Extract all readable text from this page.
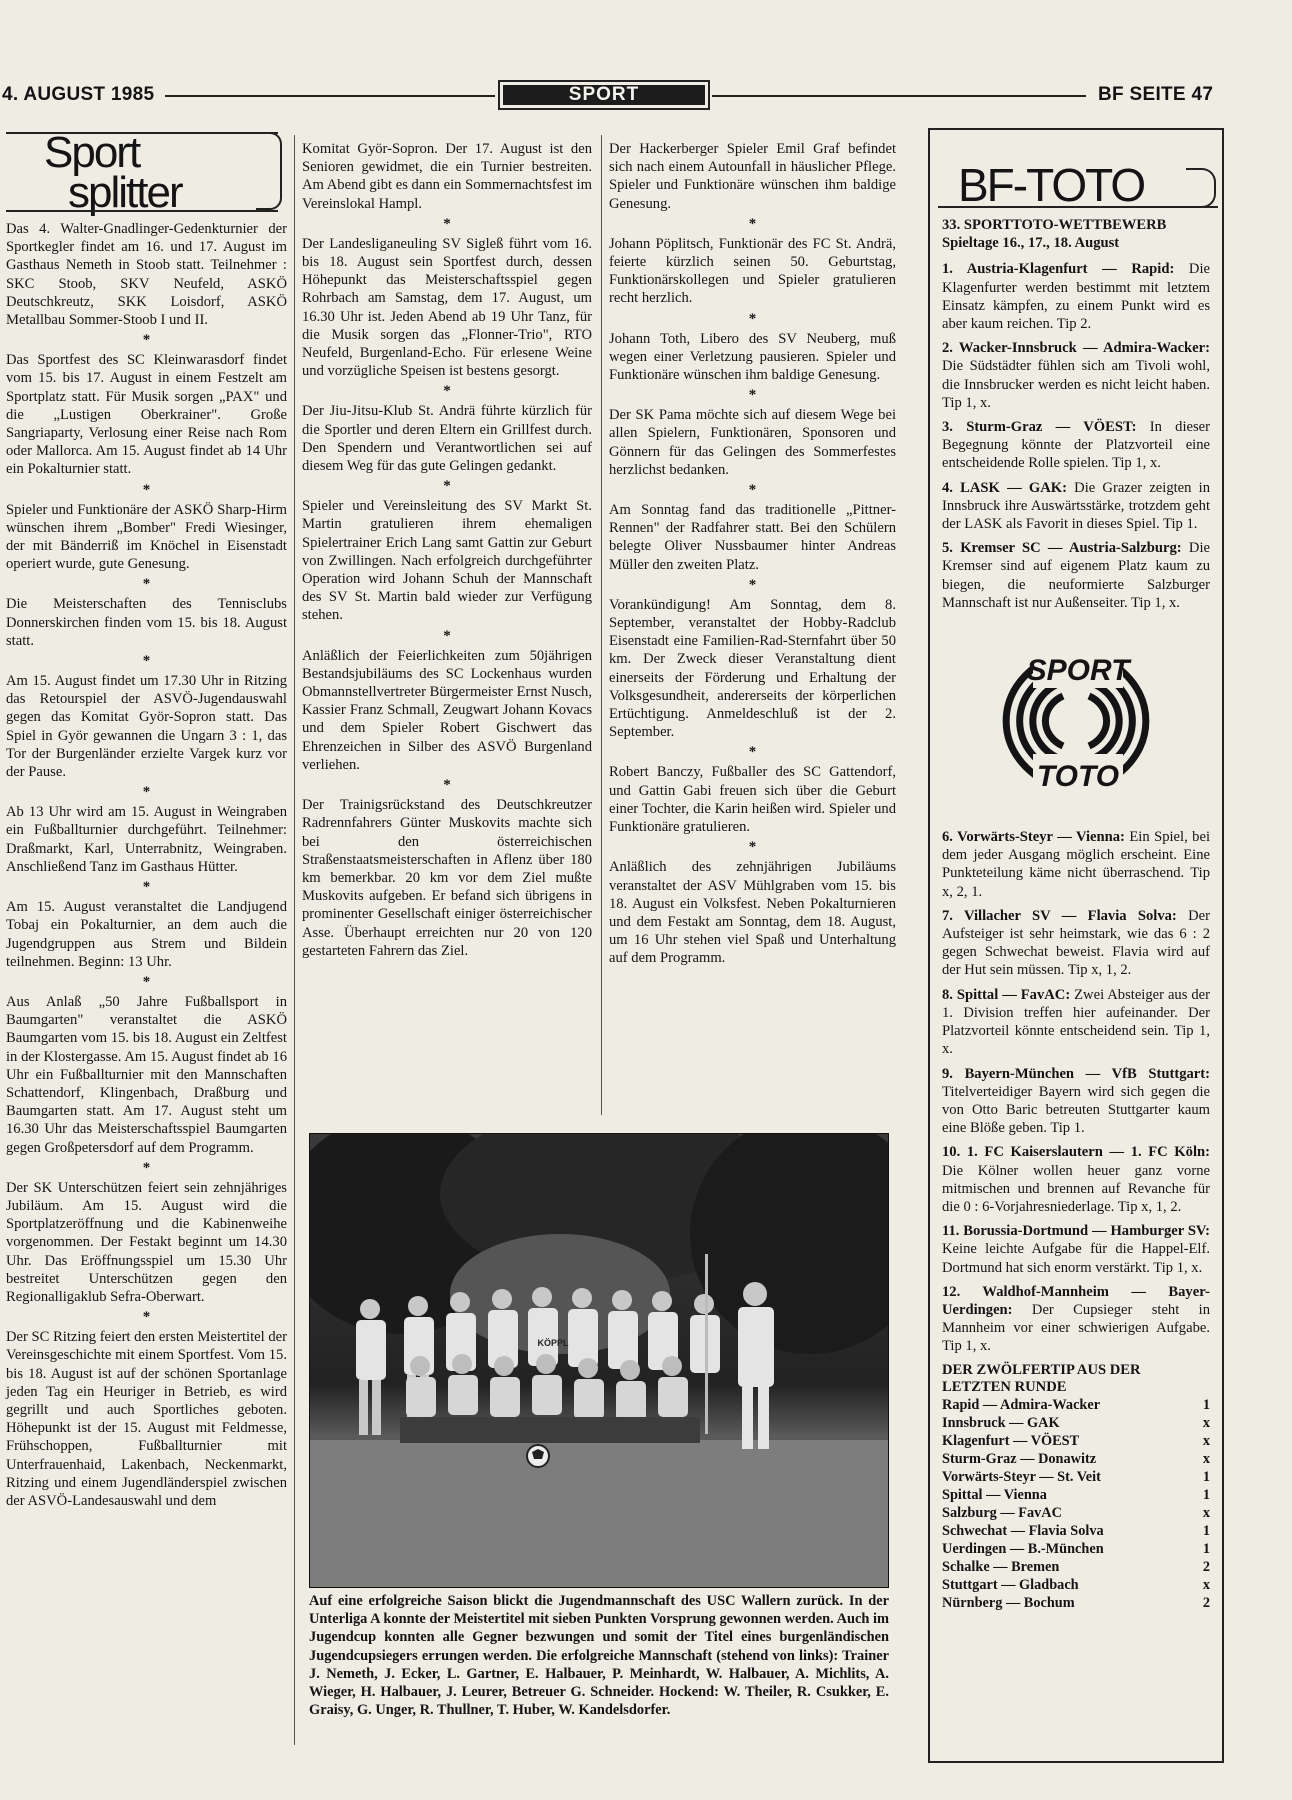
4. AUGUST 1985	SPORT	BF SEITE 47
Sport
splitter

Das 4. Walter-Gnadlinger-Gedenkturnier der Sportkegler findet am 16. und 17. August im Gasthaus Nemeth in Stoob statt. Teilnehmer : SKC Stoob, SKV Neufeld, ASKÖ Deutschkreutz, SKK Loisdorf, ASKÖ Metallbau Sommer-Stoob I und II.

*

Das Sportfest des SC Kleinwarasdorf findet vom 15. bis 17. August in einem Festzelt am Sportplatz statt. Für Musik sorgen „PAX" und die „Lustigen Oberkrainer". Große Sangriaparty, Verlosung einer Reise nach Rom oder Mallorca. Am 15. August findet ab 14 Uhr ein Pokalturnier statt.

*

Spieler und Funktionäre der ASKÖ Sharp-Hirm wünschen ihrem „Bomber" Fredi Wiesinger, der mit Bänderriß im Knöchel in Eisenstadt operiert wurde, gute Genesung.

*

Die Meisterschaften des Tennisclubs Donnerskirchen finden vom 15. bis 18. August statt.

*

Am 15. August findet um 17.30 Uhr in Ritzing das Retourspiel der ASVÖ-Jugendauswahl gegen das Komitat Györ-Sopron statt. Das Spiel in Györ gewannen die Ungarn 3 : 1, das Tor der Burgenländer erzielte Vargek kurz vor der Pause.

*

Ab 13 Uhr wird am 15. August in Weingraben ein Fußballturnier durchgeführt. Teilnehmer: Draßmarkt, Karl, Unterrabnitz, Weingraben. Anschließend Tanz im Gasthaus Hütter.

*

Am 15. August veranstaltet die Landjugend Tobaj ein Pokalturnier, an dem auch die Jugendgruppen aus Strem und Bildein teilnehmen. Beginn: 13 Uhr.

*

Aus Anlaß „50 Jahre Fußballsport in Baumgarten" veranstaltet die ASKÖ Baumgarten vom 15. bis 18. August ein Zeltfest in der Klostergasse. Am 15. August findet ab 16 Uhr ein Fußballturnier mit den Mannschaften Schattendorf, Klingenbach, Draßburg und Baumgarten statt. Am 17. August steht um 16.30 Uhr das Meisterschaftsspiel Baumgarten gegen Großpetersdorf auf dem Programm.

*

Der SK Unterschützen feiert sein zehnjähriges Jubiläum. Am 15. August wird die Sportplatzeröffnung und die Kabinenweihe vorgenommen. Der Festakt beginnt um 14.30 Uhr. Das Eröffnungsspiel um 15.30 Uhr bestreitet Unterschützen gegen den Regionalligaklub Sefra-Oberwart.

*

Der SC Ritzing feiert den ersten Meistertitel der Vereinsgeschichte mit einem Sportfest. Vom 15. bis 18. August ist auf der schönen Sportanlage jeden Tag ein Heuriger in Betrieb, es wird gegrillt und auch Sportliches geboten. Höhepunkt ist der 15. August mit Feldmesse, Frühschoppen, Fußballturnier mit Unterfrauenhaid, Lakenbach, Neckenmarkt, Ritzing und einem Jugendländerspiel zwischen der ASVÖ-Landesauswahl und dem

Komitat Györ-Sopron. Der 17. August ist den Senioren gewidmet, die ein Turnier bestreiten. Am Abend gibt es dann ein Sommernachtsfest im Vereinslokal Hampl.

*

Der Landesliganeuling SV Sigleß führt vom 16. bis 18. August sein Sportfest durch, dessen Höhepunkt das Meisterschaftsspiel gegen Rohrbach am Samstag, dem 17. August, um 16.30 Uhr ist. Jeden Abend ab 19 Uhr Tanz, für die Musik sorgen das „Flonner-Trio", RTO Neufeld, Burgenland-Echo. Für erlesene Weine und vorzügliche Speisen ist bestens gesorgt.

*

Der Jiu-Jitsu-Klub St. Andrä führte kürzlich für die Sportler und deren Eltern ein Grillfest durch. Den Spendern und Verantwortlichen sei auf diesem Weg für das gute Gelingen gedankt.

*

Spieler und Vereinsleitung des SV Markt St. Martin gratulieren ihrem ehemaligen Spielertrainer Erich Lang samt Gattin zur Geburt von Zwillingen. Nach erfolgreich durchgeführter Operation wird Johann Schuh der Mannschaft des SV St. Martin bald wieder zur Verfügung stehen.

*

Anläßlich der Feierlichkeiten zum 50jährigen Bestandsjubiläums des SC Lockenhaus wurden Obmannstellvertreter Bürgermeister Ernst Nusch, Kassier Franz Schmall, Zeugwart Johann Kovacs und dem Spieler Robert Gischwert das Ehrenzeichen in Silber des ASVÖ Burgenland verliehen.

*

Der Trainigsrückstand des Deutschkreutzer Radrennfahrers Günter Muskovits machte sich bei den österreichischen Straßenstaatsmeisterschaften in Aflenz über 180 km bemerkbar. 20 km vor dem Ziel mußte Muskovits aufgeben. Er befand sich übrigens in prominenter Gesellschaft einiger österreichischer Asse. Überhaupt erreichten nur 20 von 120 gestarteten Fahrern das Ziel.

Der Hackerberger Spieler Emil Graf befindet sich nach einem Autounfall in häuslicher Pflege. Spieler und Funktionäre wünschen ihm baldige Genesung.

*

Johann Pöplitsch, Funktionär des FC St. Andrä, feierte kürzlich seinen 50. Geburtstag, Funktionärskollegen und Spieler gratulieren recht herzlich.

*

Johann Toth, Libero des SV Neuberg, muß wegen einer Verletzung pausieren. Spieler und Funktionäre wünschen ihm baldige Genesung.

*

Der SK Pama möchte sich auf diesem Wege bei allen Spielern, Funktionären, Sponsoren und Gönnern für das Gelingen des Sommerfestes herzlichst bedanken.

*

Am Sonntag fand das traditionelle „Pittner-Rennen" der Radfahrer statt. Bei den Schülern belegte Oliver Nussbaumer hinter Andreas Müller den zweiten Platz.

*

Vorankündigung! Am Sonntag, dem 8. September, veranstaltet der Hobby-Radclub Eisenstadt eine Familien-Rad-Sternfahrt über 50 km. Der Zweck dieser Veranstaltung dient einerseits der Förderung und Erhaltung der Volksgesundheit, andererseits der körperlichen Ertüchtigung. Anmeldeschluß ist der 2. September.

*

Robert Banczy, Fußballer des SC Gattendorf, und Gattin Gabi freuen sich über die Geburt einer Tochter, die Karin heißen wird. Spieler und Funktionäre gratulieren.

*

Anläßlich des zehnjährigen Jubiläums veranstaltet der ASV Mühlgraben vom 15. bis 18. August ein Volksfest. Neben Pokalturnieren und dem Festakt am Sonntag, dem 18. August, um 16 Uhr stehen viel Spaß und Unterhaltung auf dem Programm.

KÖPPL
Auf eine erfolgreiche Saison blickt die Jugendmannschaft des USC Wallern zurück. In der Unterliga A konnte der Meistertitel mit sieben Punkten Vorsprung gewonnen werden. Auch im Jugendcup konnten alle Gegner bezwungen und somit der Titel eines burgenländischen Jugendcupsiegers errungen werden. Die erfolgreiche Mannschaft (stehend von links): Trainer J. Nemeth, J. Ecker, L. Gartner, E. Halbauer, P. Meinhardt, W. Halbauer, A. Michlits, A. Wieger, H. Halbauer, J. Leurer, Betreuer G. Schneider. Hockend: W. Theiler, R. Csukker, E. Graisy, G. Unger, R. Thullner, T. Huber, W. Kandelsdorfer.
BF-TOTO
33. SPORTTOTO-WETTBEWERB Spieltage 16., 17., 18. August

1. Austria-Klagenfurt — Rapid: Die Klagenfurter werden bestimmt mit letztem Einsatz kämpfen, zu einem Punkt wird es aber kaum reichen. Tip 2.

2. Wacker-Innsbruck — Admira-Wacker: Die Südstädter fühlen sich am Tivoli wohl, die Innsbrucker werden es nicht leicht haben. Tip 1, x.

3. Sturm-Graz — VÖEST: In dieser Begegnung könnte der Platzvorteil eine entscheidende Rolle spielen. Tip 1, x.

4. LASK — GAK: Die Grazer zeigten in Innsbruck ihre Auswärtsstärke, trotzdem geht der LASK als Favorit in dieses Spiel. Tip 1.

5. Kremser SC — Austria-Salzburg: Die Kremser sind auf eigenem Platz kaum zu biegen, die neuformierte Salzburger Mannschaft ist nur Außenseiter. Tip 1, x.

SPORT
TOTO

6. Vorwärts-Steyr — Vienna: Ein Spiel, bei dem jeder Ausgang möglich erscheint. Eine Punkteteilung käme nicht überraschend. Tip x, 2, 1.

7. Villacher SV — Flavia Solva: Der Aufsteiger ist sehr heimstark, wie das 6 : 2 gegen Schwechat beweist. Flavia wird auf der Hut sein müssen. Tip x, 1, 2.

8. Spittal — FavAC: Zwei Absteiger aus der 1. Division treffen hier aufeinander. Der Platzvorteil könnte entscheidend sein. Tip 1, x.

9. Bayern-München — VfB Stuttgart: Titelverteidiger Bayern wird sich gegen die von Otto Baric betreuten Stuttgarter kaum eine Blöße geben. Tip 1.

10. 1. FC Kaiserslautern — 1. FC Köln: Die Kölner wollen heuer ganz vorne mitmischen und brennen auf Revanche für die 0 : 6-Vorjahresniederlage. Tip x, 1, 2.

11. Borussia-Dortmund — Hamburger SV: Keine leichte Aufgabe für die Happel-Elf. Dortmund hat sich enorm verstärkt. Tip 1, x.

12. Waldhof-Mannheim — Bayer-Uerdingen: Der Cupsieger steht in Mannheim vor einer schwierigen Aufgabe. Tip 1, x.

DER ZWÖLFERTIP AUS DER LETZTEN RUNDE
Rapid — Admira-Wacker	1
Innsbruck — GAK	x
Klagenfurt — VÖEST	x
Sturm-Graz — Donawitz	x
Vorwärts-Steyr — St. Veit	1
Spittal — Vienna	1
Salzburg — FavAC	x
Schwechat — Flavia Solva	1
Uerdingen — B.-München	1
Schalke — Bremen	2
Stuttgart — Gladbach	x
Nürnberg — Bochum	2
